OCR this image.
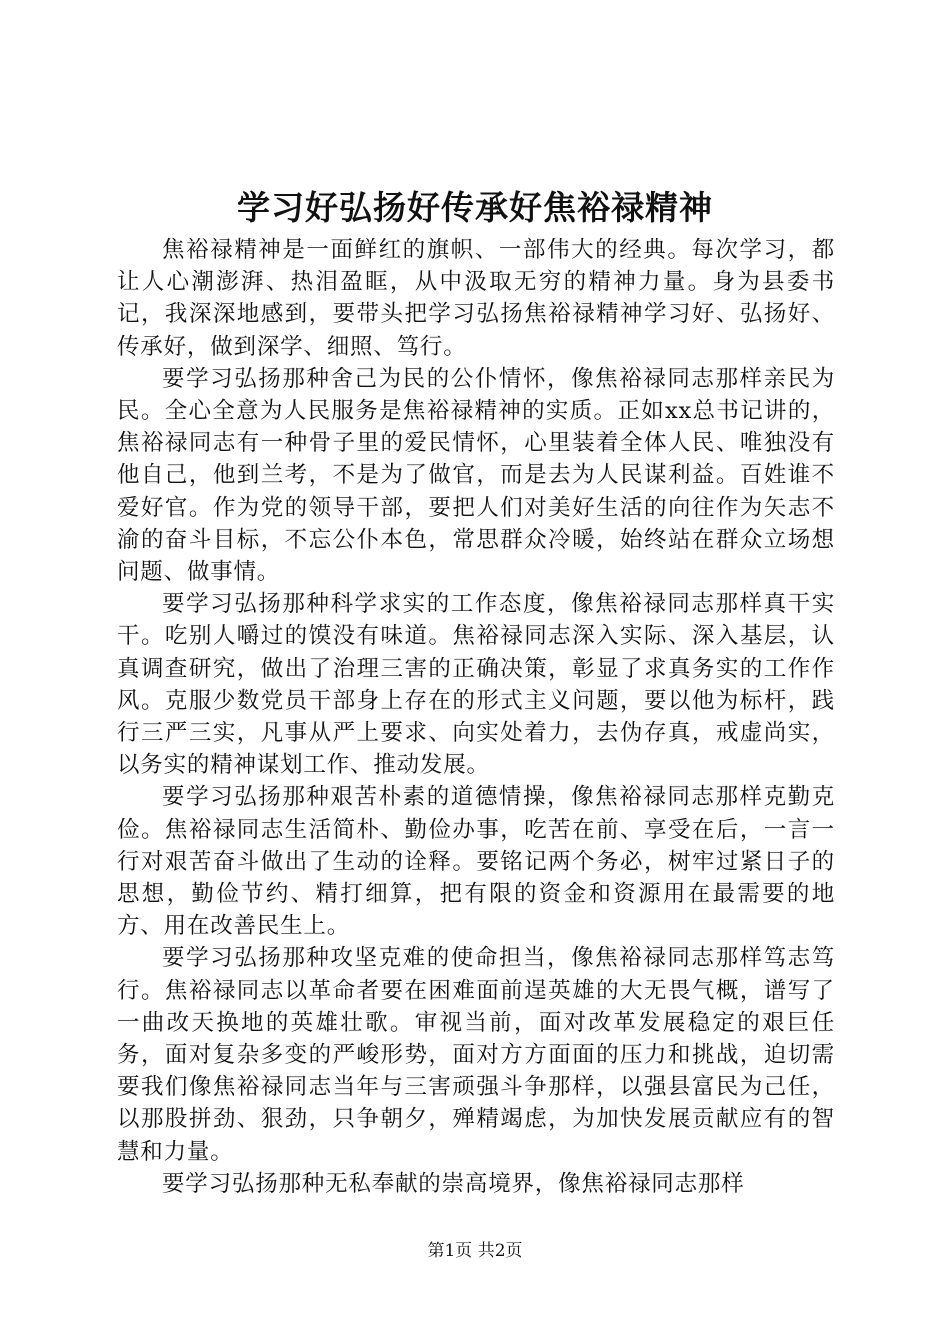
学习好弘扬好传承好焦裕禄精神

焦裕禄精神是一面鲜红的旗帜、一部伟大的经典。每次学习，都让人心潮澎湃、热泪盈眶，从中汲取无穷的精神力量。身为县委书记，我深深地感到，要带头把学习弘扬焦裕禄精神学习好、弘扬好、传承好，做到深学、细照、笃行。

要学习弘扬那种舍己为民的公仆情怀，像焦裕禄同志那样亲民为民。全心全意为人民服务是焦裕禄精神的实质。正如xx总书记讲的，焦裕禄同志有一种骨子里的爱民情怀，心里装着全体人民、唯独没有他自己，他到兰考，不是为了做官，而是去为人民谋利益。百姓谁不爱好官。作为党的领导干部，要把人们对美好生活的向往作为矢志不渝的奋斗目标，不忘公仆本色，常思群众冷暖，始终站在群众立场想问题、做事情。

要学习弘扬那种科学求实的工作态度，像焦裕禄同志那样真干实干。吃别人嚼过的馍没有味道。焦裕禄同志深入实际、深入基层，认真调查研究，做出了治理三害的正确决策，彰显了求真务实的工作作风。克服少数党员干部身上存在的形式主义问题，要以他为标杆，践行三严三实，凡事从严上要求、向实处着力，去伪存真，戒虚尚实，以务实的精神谋划工作、推动发展。

要学习弘扬那种艰苦朴素的道德情操，像焦裕禄同志那样克勤克俭。焦裕禄同志生活简朴、勤俭办事，吃苦在前、享受在后，一言一行对艰苦奋斗做出了生动的诠释。要铭记两个务必，树牢过紧日子的思想，勤俭节约、精打细算，把有限的资金和资源用在最需要的地方、用在改善民生上。

要学习弘扬那种攻坚克难的使命担当，像焦裕禄同志那样笃志笃行。焦裕禄同志以革命者要在困难面前逞英雄的大无畏气概，谱写了一曲改天换地的英雄壮歌。审视当前，面对改革发展稳定的艰巨任务，面对复杂多变的严峻形势，面对方方面面的压力和挑战，迫切需要我们像焦裕禄同志当年与三害顽强斗争那样，以强县富民为己任，以那股拼劲、狠劲，只争朝夕，殚精竭虑，为加快发展贡献应有的智慧和力量。

要学习弘扬那种无私奉献的崇高境界，像焦裕禄同志那样

第1页 共2页
